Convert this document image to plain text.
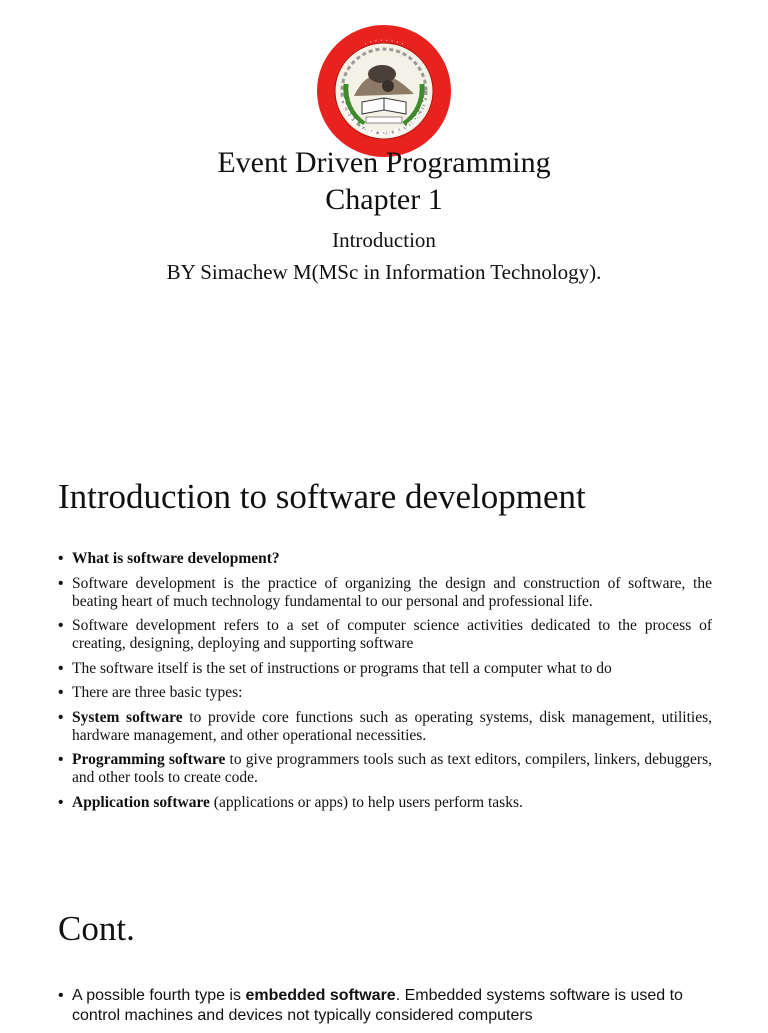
DEBRE TABOR UNIVERSITY
· · · · · · · ·
Event Driven Programming
Chapter 1
Introduction
BY Simachew M(MSc in Information Technology).
Introduction to software development
• What is software development?
• Software development is the practice of organizing the design and construction of software, the beating heart of much technology fundamental to our personal and professional life.
• Software development refers to a set of computer science activities dedicated to the process of creating, designing, deploying and supporting software
• The software itself is the set of instructions or programs that tell a computer what to do
• There are three basic types:
• System software to provide core functions such as operating systems, disk management, utilities, hardware management, and other operational necessities.
• Programming software to give programmers tools such as text editors, compilers, linkers, debuggers, and other tools to create code.
• Application software (applications or apps) to help users perform tasks.
Cont.
• A possible fourth type is embedded software. Embedded systems software is used to control machines and devices not typically considered computers
